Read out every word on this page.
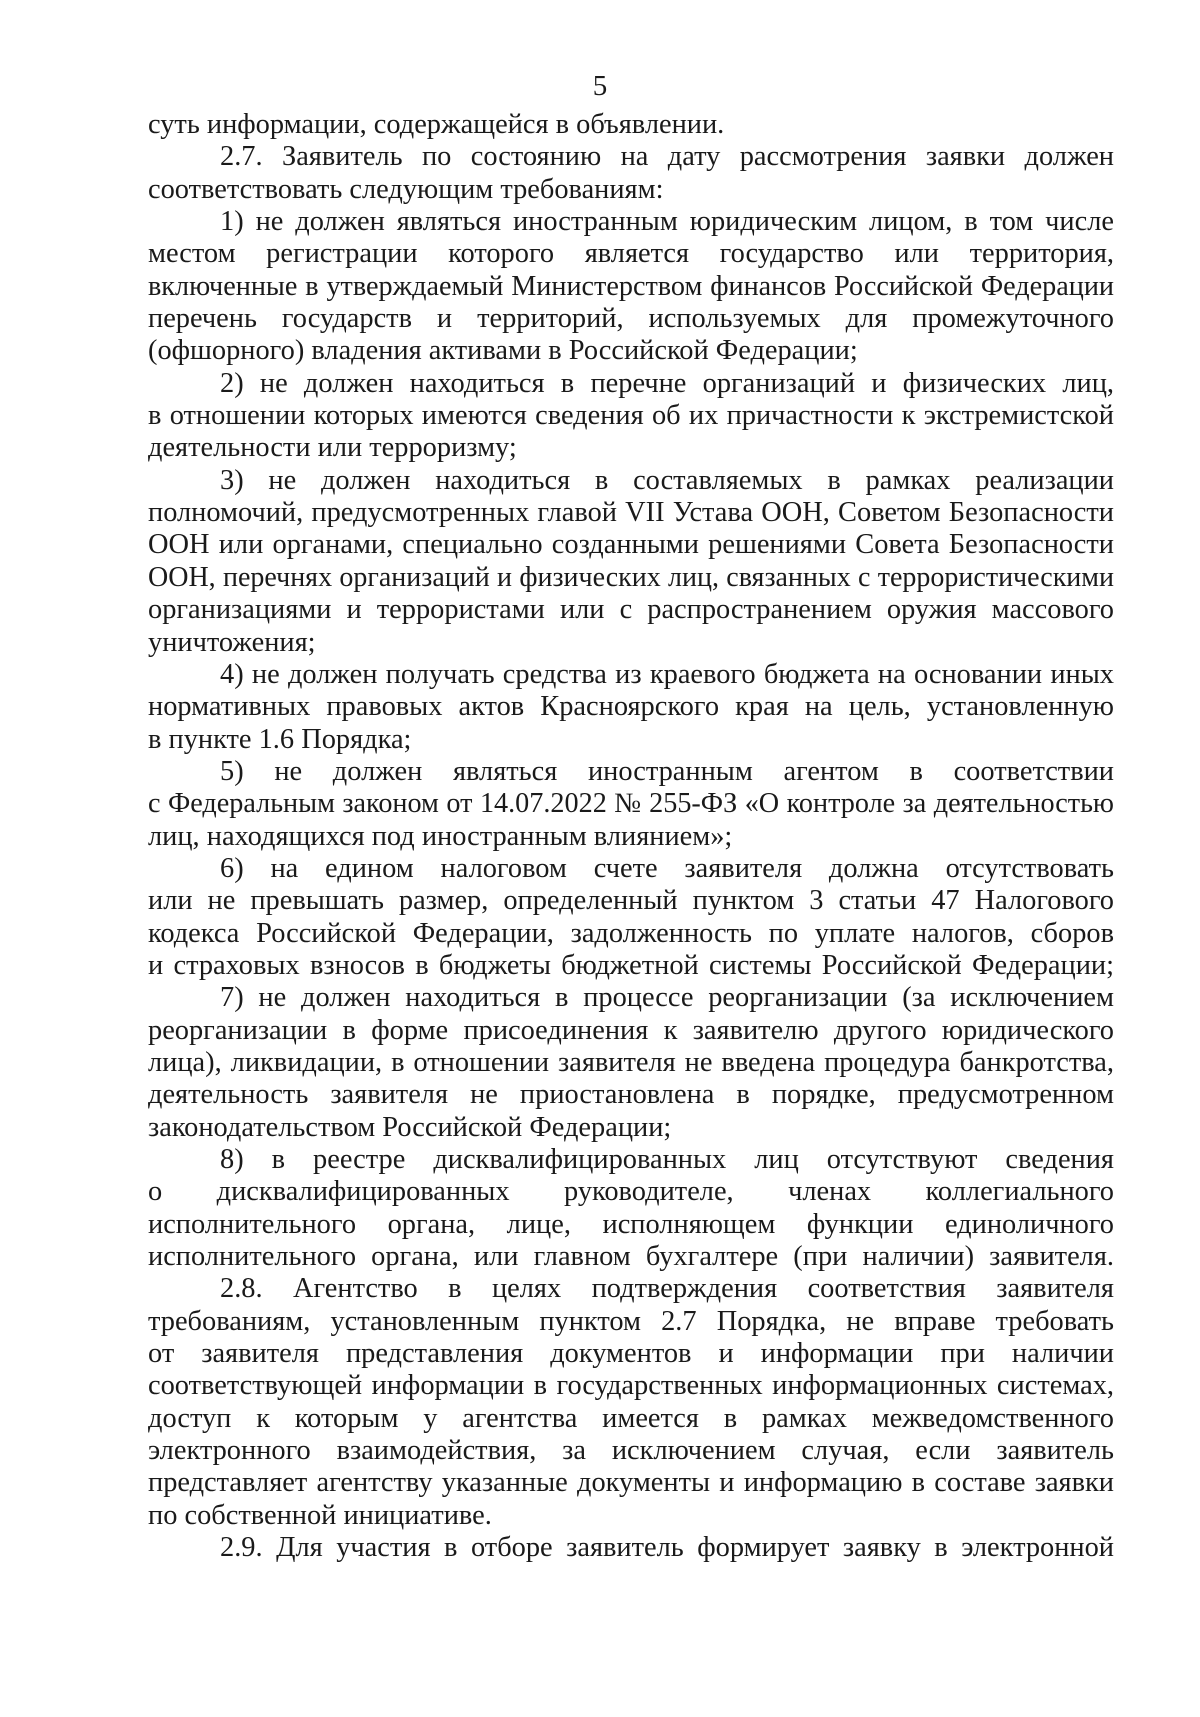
5
суть информации, содержащейся в объявлении.
2.7. Заявитель по состоянию на дату рассмотрения заявки должен
соответствовать следующим требованиям:
1) не должен являться иностранным юридическим лицом, в том числе
местом регистрации которого является государство или территория,
включенные в утверждаемый Министерством финансов Российской Федерации
перечень государств и территорий, используемых для промежуточного
(офшорного) владения активами в Российской Федерации;
2) не должен находиться в перечне организаций и физических лиц,
в отношении которых имеются сведения об их причастности к экстремистской
деятельности или терроризму;
3) не должен находиться в составляемых в рамках реализации
полномочий, предусмотренных главой VII Устава ООН, Советом Безопасности
ООН или органами, специально созданными решениями Совета Безопасности
ООН, перечнях организаций и физических лиц, связанных с террористическими
организациями и террористами или с распространением оружия массового
уничтожения;
4) не должен получать средства из краевого бюджета на основании иных
нормативных правовых актов Красноярского края на цель, установленную
в пункте 1.6 Порядка;
5) не должен являться иностранным агентом в соответствии
с Федеральным законом от 14.07.2022 № 255-ФЗ «О контроле за деятельностью
лиц, находящихся под иностранным влиянием»;
6) на едином налоговом счете заявителя должна отсутствовать
или не превышать размер, определенный пунктом 3 статьи 47 Налогового
кодекса Российской Федерации, задолженность по уплате налогов, сборов
и страховых взносов в бюджеты бюджетной системы Российской Федерации;
7) не должен находиться в процессе реорганизации (за исключением
реорганизации в форме присоединения к заявителю другого юридического
лица), ликвидации, в отношении заявителя не введена процедура банкротства,
деятельность заявителя не приостановлена в порядке, предусмотренном
законодательством Российской Федерации;
8) в реестре дисквалифицированных лиц отсутствуют сведения
о дисквалифицированных руководителе, членах коллегиального
исполнительного органа, лице, исполняющем функции единоличного
исполнительного органа, или главном бухгалтере (при наличии) заявителя.
2.8. Агентство в целях подтверждения соответствия заявителя
требованиям, установленным пунктом 2.7 Порядка, не вправе требовать
от заявителя представления документов и информации при наличии
соответствующей информации в государственных информационных системах,
доступ к которым у агентства имеется в рамках межведомственного
электронного взаимодействия, за исключением случая, если заявитель
представляет агентству указанные документы и информацию в составе заявки
по собственной инициативе.
2.9. Для участия в отборе заявитель формирует заявку в электронной
